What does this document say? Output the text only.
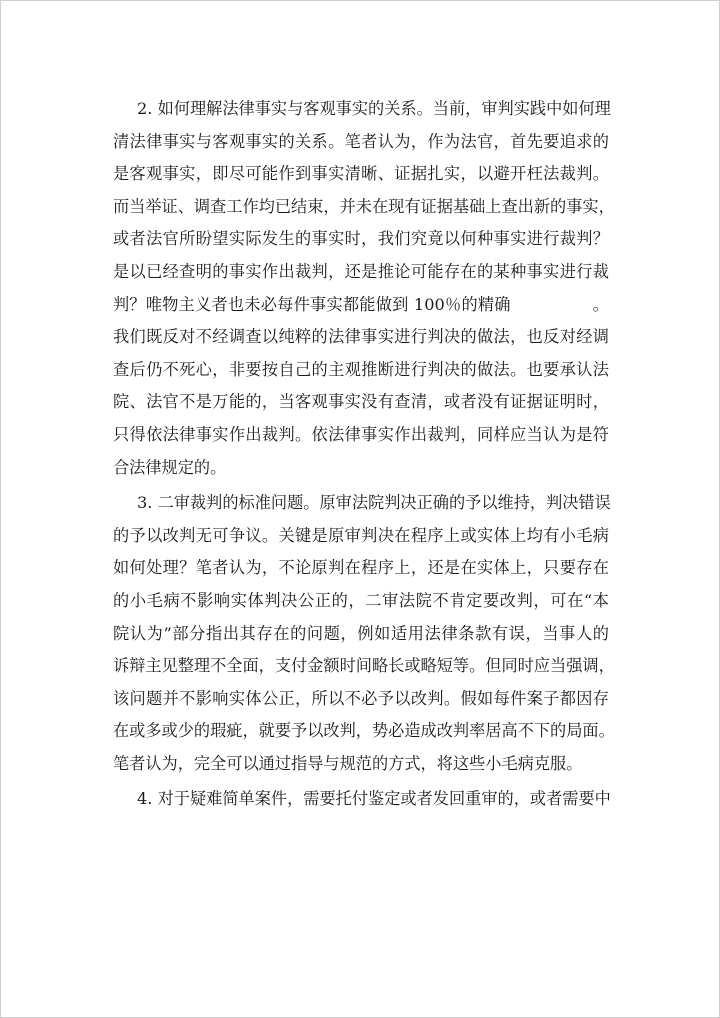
2. 如何理解法律事实与客观事实的关系。当前，审判实践中如何理
清法律事实与客观事实的关系。笔者认为，作为法官，首先要追求的
是客观事实，即尽可能作到事实清晰、证据扎实，以避开枉法裁判。
而当举证、调查工作均已结束，并未在现有证据基础上查出新的事实，
或者法官所盼望实际发生的事实时，我们究竟以何种事实进行裁判？
是以已经查明的事实作出裁判，还是推论可能存在的某种事实进行裁
判？唯物主义者也未必每件事实都能做到 100％的精确　　　　　。
我们既反对不经调查以纯粹的法律事实进行判决的做法，也反对经调
查后仍不死心，非要按自己的主观推断进行判决的做法。也要承认法
院、法官不是万能的，当客观事实没有查清，或者没有证据证明时，
只得依法律事实作出裁判。依法律事实作出裁判，同样应当认为是符
合法律规定的。
3. 二审裁判的标准问题。原审法院判决正确的予以维持，判决错误
的予以改判无可争议。关键是原审判决在程序上或实体上均有小毛病
如何处理？笔者认为，不论原判在程序上，还是在实体上，只要存在
的小毛病不影响实体判决公正的，二审法院不肯定要改判，可在“本
院认为”部分指出其存在的问题，例如适用法律条款有误，当事人的
诉辩主见整理不全面，支付金额时间略长或略短等。但同时应当强调，
该问题并不影响实体公正，所以不必予以改判。假如每件案子都因存
在或多或少的瑕疵，就要予以改判，势必造成改判率居高不下的局面。
笔者认为，完全可以通过指导与规范的方式，将这些小毛病克服。
4. 对于疑难简单案件，需要托付鉴定或者发回重审的，或者需要中
